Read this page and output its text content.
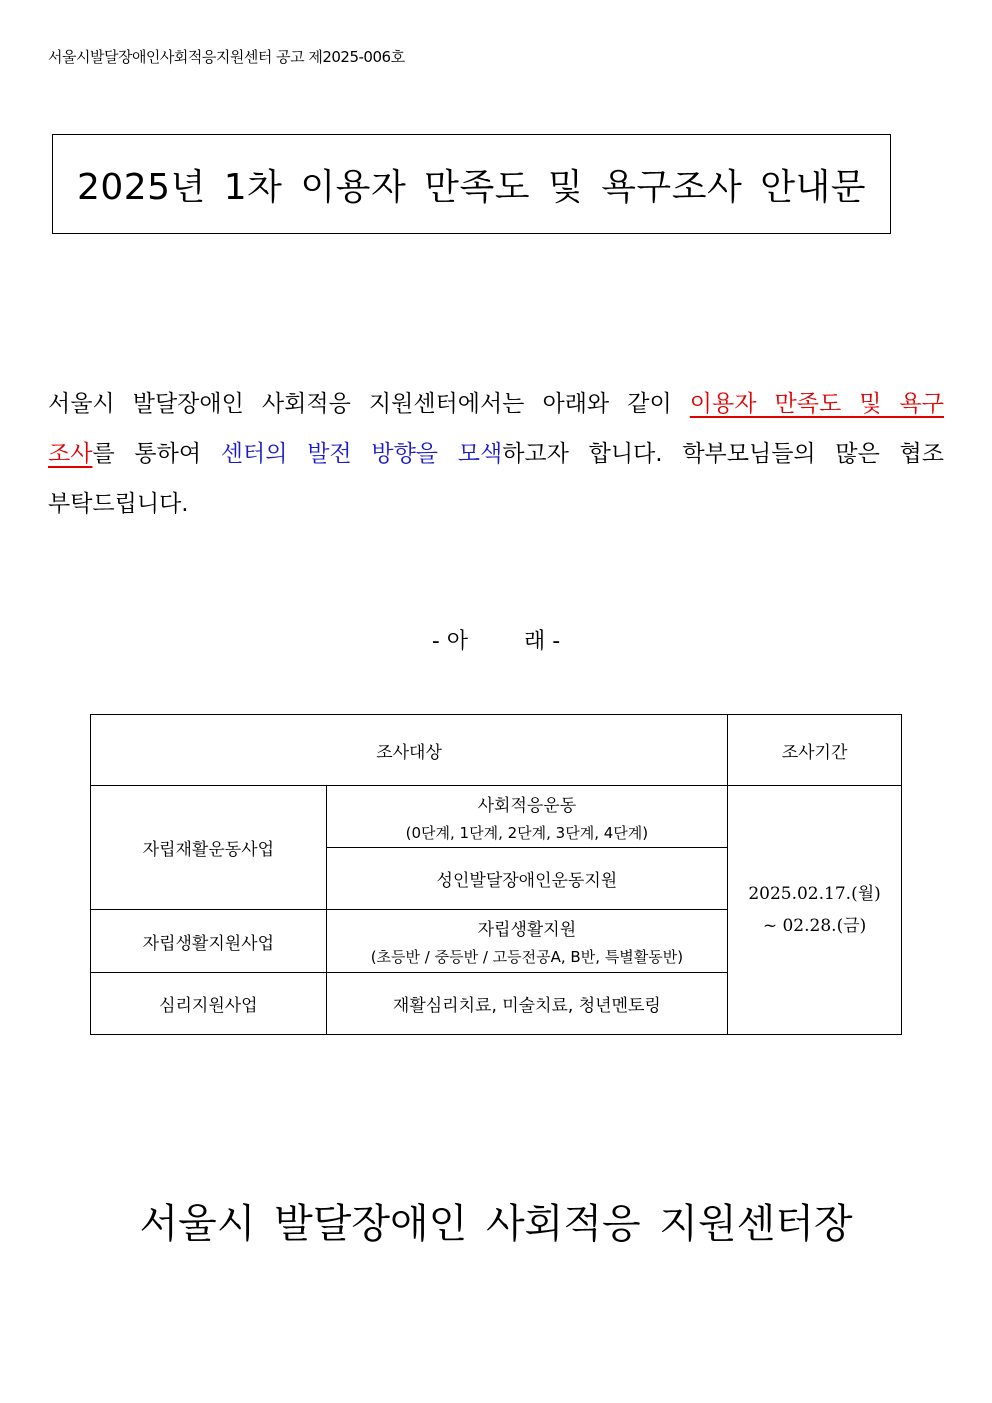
서울시발달장애인사회적응지원센터 공고 제2025-006호
2025년 1차 이용자 만족도 및 욕구조사 안내문

서울시 발달장애인 사회적응 지원센터에서는 아래와 같이 이용자 만족도 및 욕구조사를 통하여 센터의 발전 방향을 모색하고자 합니다. 학부모님들의 많은 협조 부탁드립니다.

- 아        래 -
조사대상		조사기간
자립재활운동사업	사회적응운동
(0단계, 1단계, 2단계, 3단계, 4단계)	2025.02.17.(월)
~ 02.28.(금)

	성인발달장애인운동지원	
자립생활지원사업	자립생활지원
(초등반 / 중등반 / 고등전공A, B반, 특별활동반)	

심리지원사업	재활심리치료, 미술치료, 청년멘토링	
서울시 발달장애인 사회적응 지원센터장
